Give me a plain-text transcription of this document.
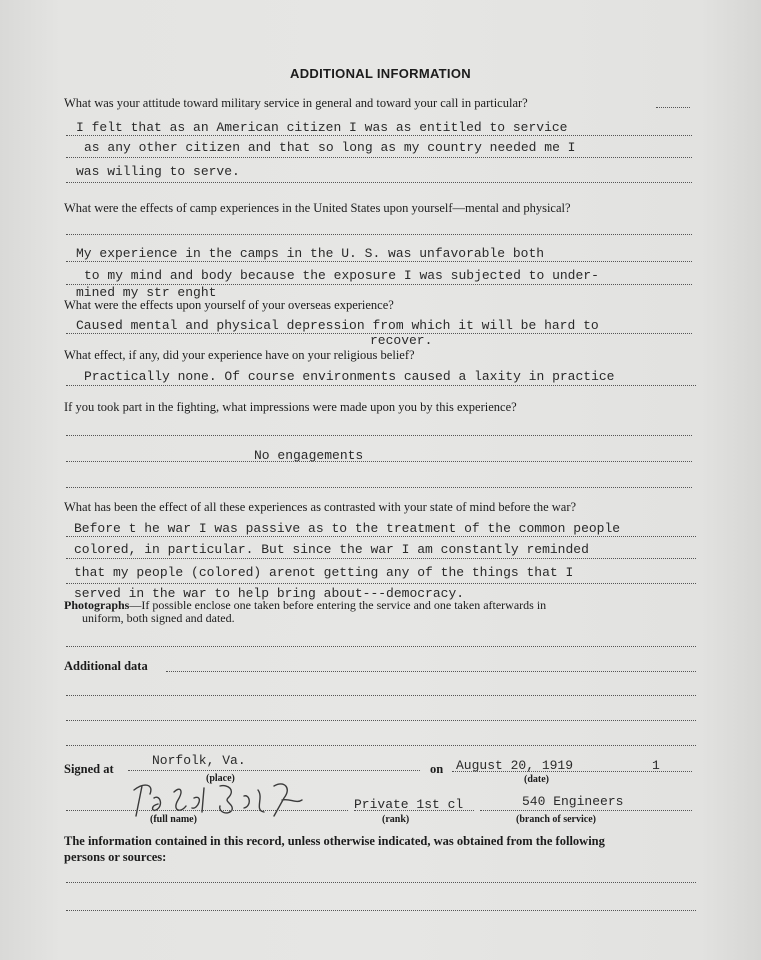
ADDITIONAL INFORMATION
What was your attitude toward military service in general and toward your call in particular?
I felt that as an American citizen I was as entitled to service
as any other citizen and that so long as my country needed me I
was willing to serve.
What were the effects of camp experiences in the United States upon yourself—mental and physical?
My experience in the camps in the U. S. was unfavorable both
to my mind and body because the exposure I was subjected to under-
mined my str enght
What were the effects upon yourself of your overseas experience?
Caused mental and physical depression from which it will be hard to
recover.
What effect, if any, did your experience have on your religious belief?
Practically none. Of course environments caused a laxity in practice
If you took part in the fighting, what impressions were made upon you by this experience?
No engagements
What has been the effect of all these experiences as contrasted with your state of mind before the war?
Before t he war I was passive as to the treatment of the common people
colored, in particular. But since the war I am constantly reminded
that my people (colored) arenot getting any of the things that I
served in the war to help bring about---democracy.
Photographs—If possible enclose one taken before entering the service and one taken afterwards in
uniform, both signed and dated.
Additional data
Signed at
Norfolk, Va.
(place)
on August 20, 1919	1
(date)
(full name)
Private 1st cl
(rank)
540 Engineers
(branch of service)
The information contained in this record, unless otherwise indicated, was obtained from the following
persons or sources:
